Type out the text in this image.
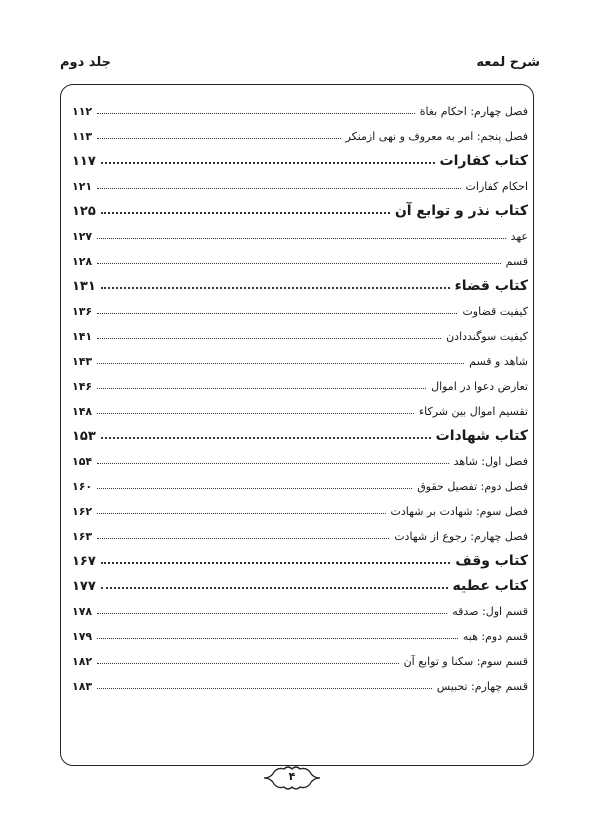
شرح لمعه
جلد دوم
فصل چهارم: احکام بغاة
۱۱۲
فصل پنجم: امر به معروف و نهی ازمنکر
۱۱۳
کتاب کفارات
۱۱۷
احکام کفارات
۱۲۱
کتاب نذر و توابع آن
۱۲۵
عهد
۱۲۷
قسم
۱۲۸
کتاب قضاء
۱۳۱
کیفیت قضاوت
۱۳۶
کیفیت سوگنددادن
۱۴۱
شاهد و قسم
۱۴۳
تعارض دعوا در اموال
۱۴۶
تقسیم اموال بین شرکاء
۱۴۸
کتاب شهادات
۱۵۳
فصل اول: شاهد
۱۵۴
فصل دوم: تفصیل حقوق
۱۶۰
فصل سوم: شهادت بر شهادت
۱۶۲
فصل چهارم: رجوع از شهادت
۱۶۳
کتاب وقف
۱۶۷
کتاب عطیه
۱۷۷
قسم اول: صدقه
۱۷۸
قسم دوم: هبه
۱۷۹
قسم سوم: سکنا و توابع آن
۱۸۲
قسم چهارم: تحبیس
۱۸۳
۴
